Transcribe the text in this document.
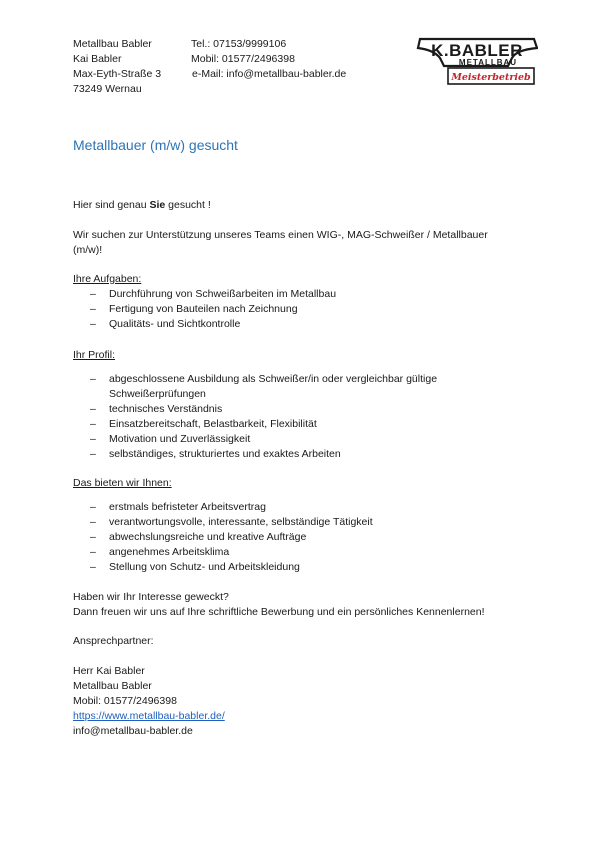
Metallbau Babler
Kai Babler
Max-Eyth-Straße 3
73249 Wernau
Tel.: 07153/9999106
Mobil: 01577/2496398
e-Mail: info@metallbau-babler.de
K.BABLER
METALLBAU
Meisterbetrieb
Metallbauer (m/w) gesucht
Hier sind genau Sie gesucht !
Wir suchen zur Unterstützung unseres Teams einen WIG-, MAG-Schweißer / Metallbauer
(m/w)!
Ihre Aufgaben:
– Durchführung von Schweißarbeiten im Metallbau
– Fertigung von Bauteilen nach Zeichnung
– Qualitäts- und Sichtkontrolle
Ihr Profil:
– abgeschlossene Ausbildung als Schweißer/in oder vergleichbar gültige
Schweißerprüfungen
– technisches Verständnis
– Einsatzbereitschaft, Belastbarkeit, Flexibilität
– Motivation und Zuverlässigkeit
– selbständiges, strukturiertes und exaktes Arbeiten
Das bieten wir Ihnen:
– erstmals befristeter Arbeitsvertrag
– verantwortungsvolle, interessante, selbständige Tätigkeit
– abwechslungsreiche und kreative Aufträge
– angenehmes Arbeitsklima
– Stellung von Schutz- und Arbeitskleidung
Haben wir Ihr Interesse geweckt?
Dann freuen wir uns auf Ihre schriftliche Bewerbung und ein persönliches Kennenlernen!
Ansprechpartner:
Herr Kai Babler
Metallbau Babler
Mobil: 01577/2496398
https://www.metallbau-babler.de/
info@metallbau-babler.de
